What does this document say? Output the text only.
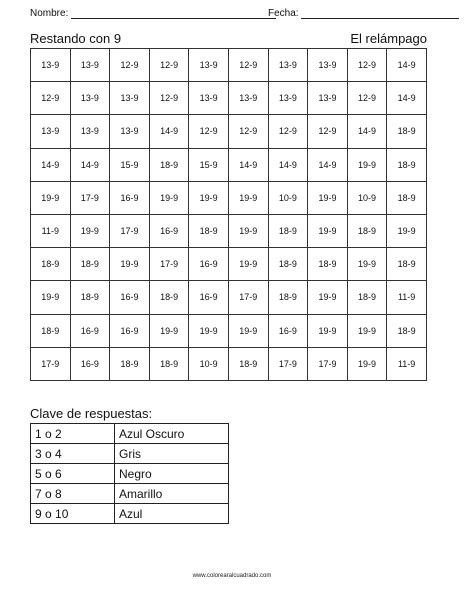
Nombre:	Fecha:
Restando con 9	El relámpago
13-9	13-9	12-9	12-9	13-9	12-9	13-9	13-9	12-9	14-9
12-9	13-9	13-9	12-9	13-9	13-9	13-9	13-9	12-9	14-9
13-9	13-9	13-9	14-9	12-9	12-9	12-9	12-9	14-9	18-9
14-9	14-9	15-9	18-9	15-9	14-9	14-9	14-9	19-9	18-9
19-9	17-9	16-9	19-9	19-9	19-9	10-9	19-9	10-9	18-9
11-9	19-9	17-9	16-9	18-9	19-9	18-9	19-9	18-9	19-9
18-9	18-9	19-9	17-9	16-9	19-9	18-9	18-9	19-9	18-9
19-9	18-9	16-9	18-9	16-9	17-9	18-9	19-9	18-9	11-9
18-9	16-9	16-9	19-9	19-9	19-9	16-9	19-9	19-9	18-9
17-9	16-9	18-9	18-9	10-9	18-9	17-9	17-9	19-9	11-9
Clave de respuestas:
1 o 2	Azul Oscuro
3 o 4	Gris
5 o 6	Negro
7 o 8	Amarillo
9 o 10	Azul
www.colorearalcuadrado.com
